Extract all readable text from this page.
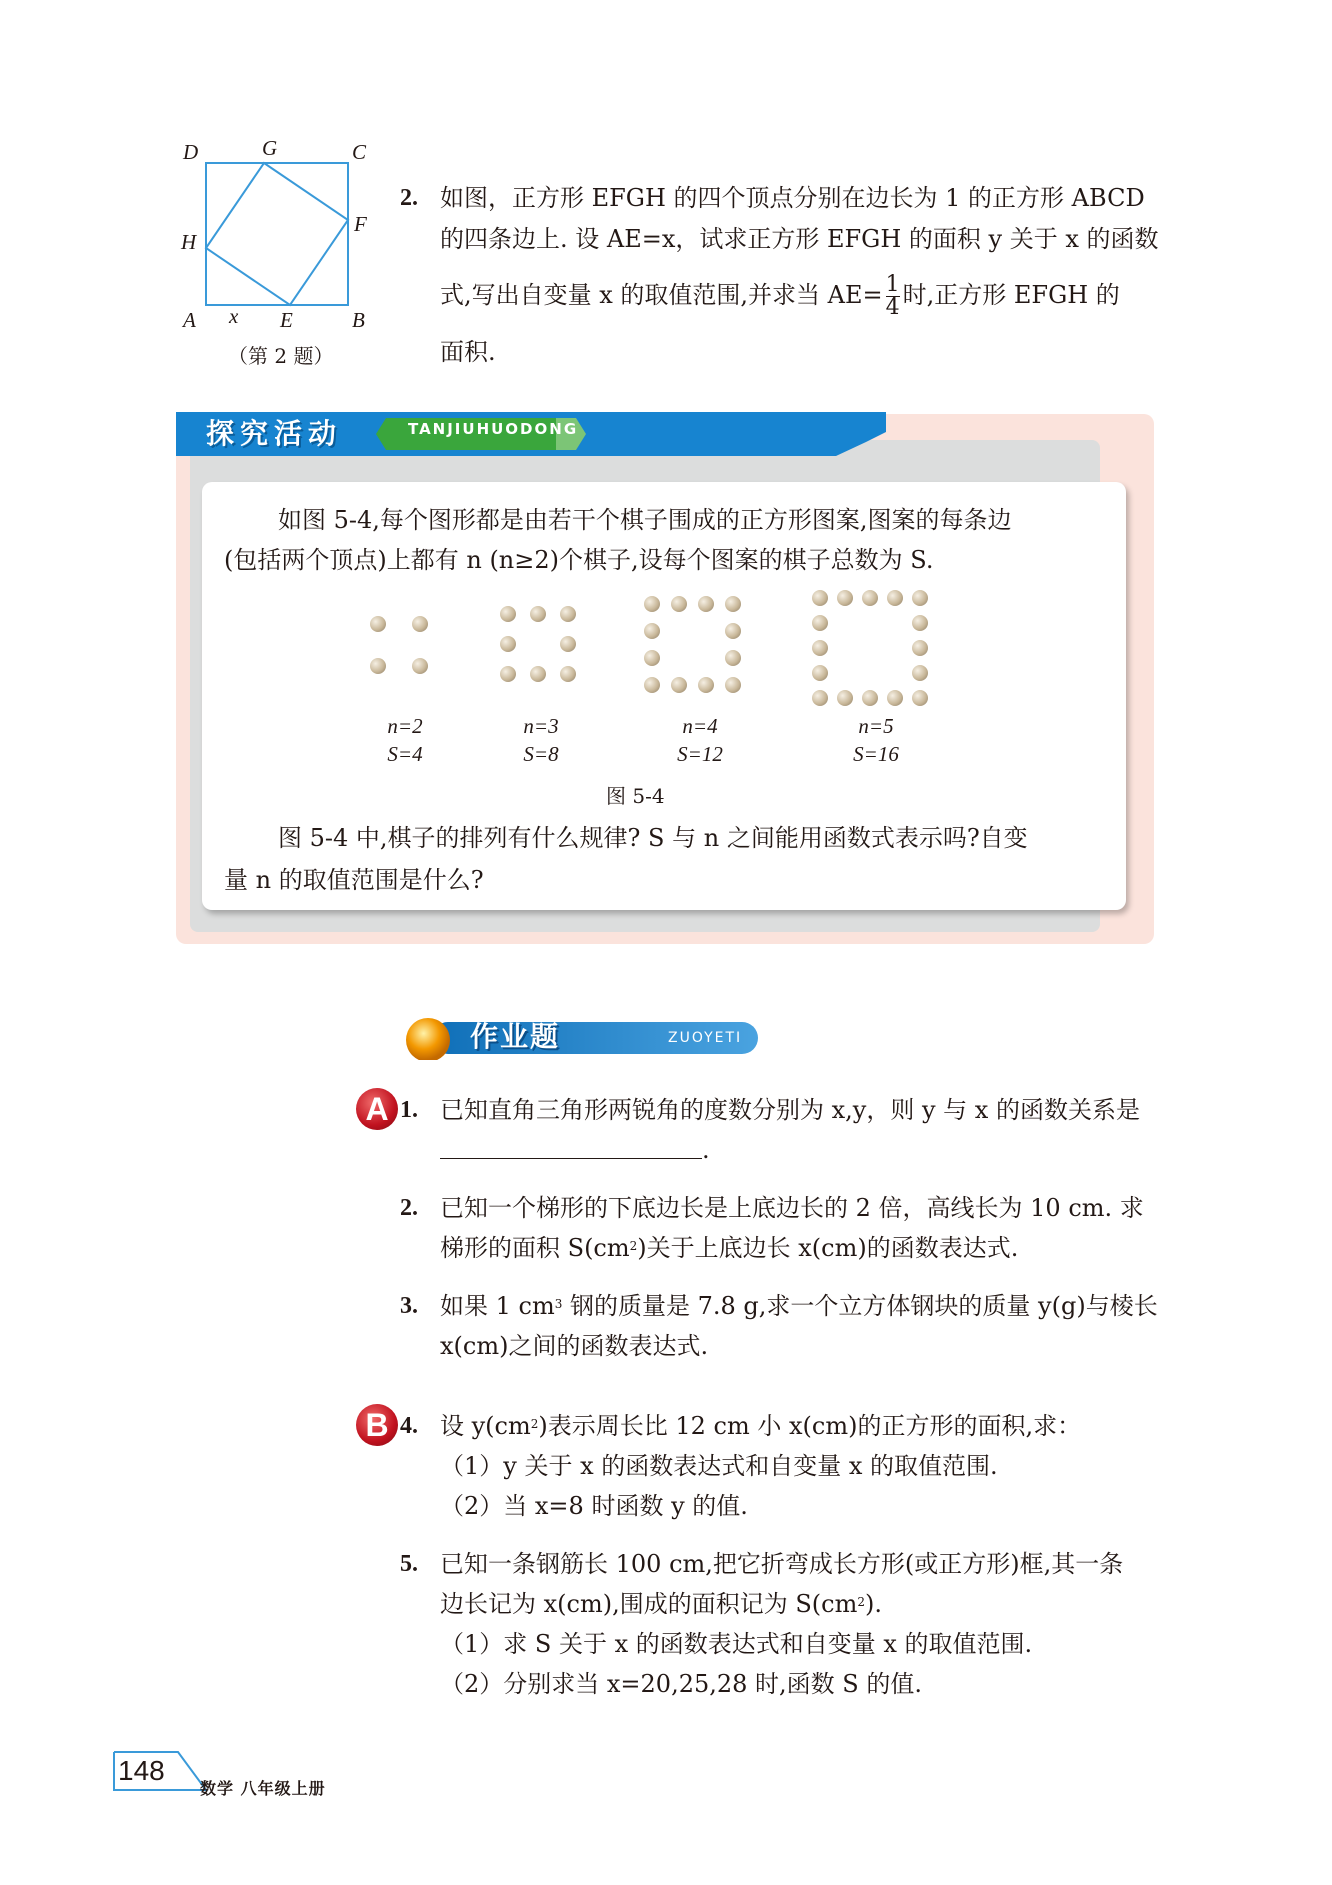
D	G	C
H
F
A x E	B
（第 2 题）
2. 如图，正方形 EFGH 的四个顶点分别在边长为 1 的正方形 ABCD
的四条边上. 设 AE=x，试求正方形 EFGH 的面积 y 关于 x 的函数
式,写出自变量 x 的取值范围,并求当 $AE= \frac{1}{4}$ 时,正方形 EFGH 的
面积.
探究活动	TANJIUHUODONG
如图 5-4,每个图形都是由若干个棋子围成的正方形图案,图案的每条边
(包括两个顶点)上都有 n (n≥2)个棋子,设每个图案的棋子总数为 S.
n=2
S=4
n=3
S=8
n=4
S=12
n=5
S=16
图 5-4
图 5-4 中,棋子的排列有什么规律? S 与 n 之间能用函数式表示吗?自变
量 n 的取值范围是什么?
作业题	ZUOYETI
A 1. 已知直角三角形两锐角的度数分别为 x,y，则 y 与 x 的函数关系是
.
2. 已知一个梯形的下底边长是上底边长的 2 倍，高线长为 10 cm. 求
梯形的面积 $S(cm^2)$关于上底边长 x(cm)的函数表达式.
3. 如果 1 $cm^3$ 钢的质量是 7.8 g,求一个立方体钢块的质量 y(g)与棱长
x(cm)之间的函数表达式.
B 4. 设 $y(cm^2)$表示周长比 12 cm 小 x(cm)的正方形的面积,求：
（1）y 关于 x 的函数表达式和自变量 x 的取值范围.
（2）当 x=8 时函数 y 的值.
5. 已知一条钢筋长 100 cm,把它折弯成长方形(或正方形)框,其一条
边长记为 x(cm),围成的面积记为 $S(cm^2)$.
（1）求 S 关于 x 的函数表达式和自变量 x 的取值范围.
（2）分别求当 x=20,25,28 时,函数 S 的值.
148
数学 八年级上册
